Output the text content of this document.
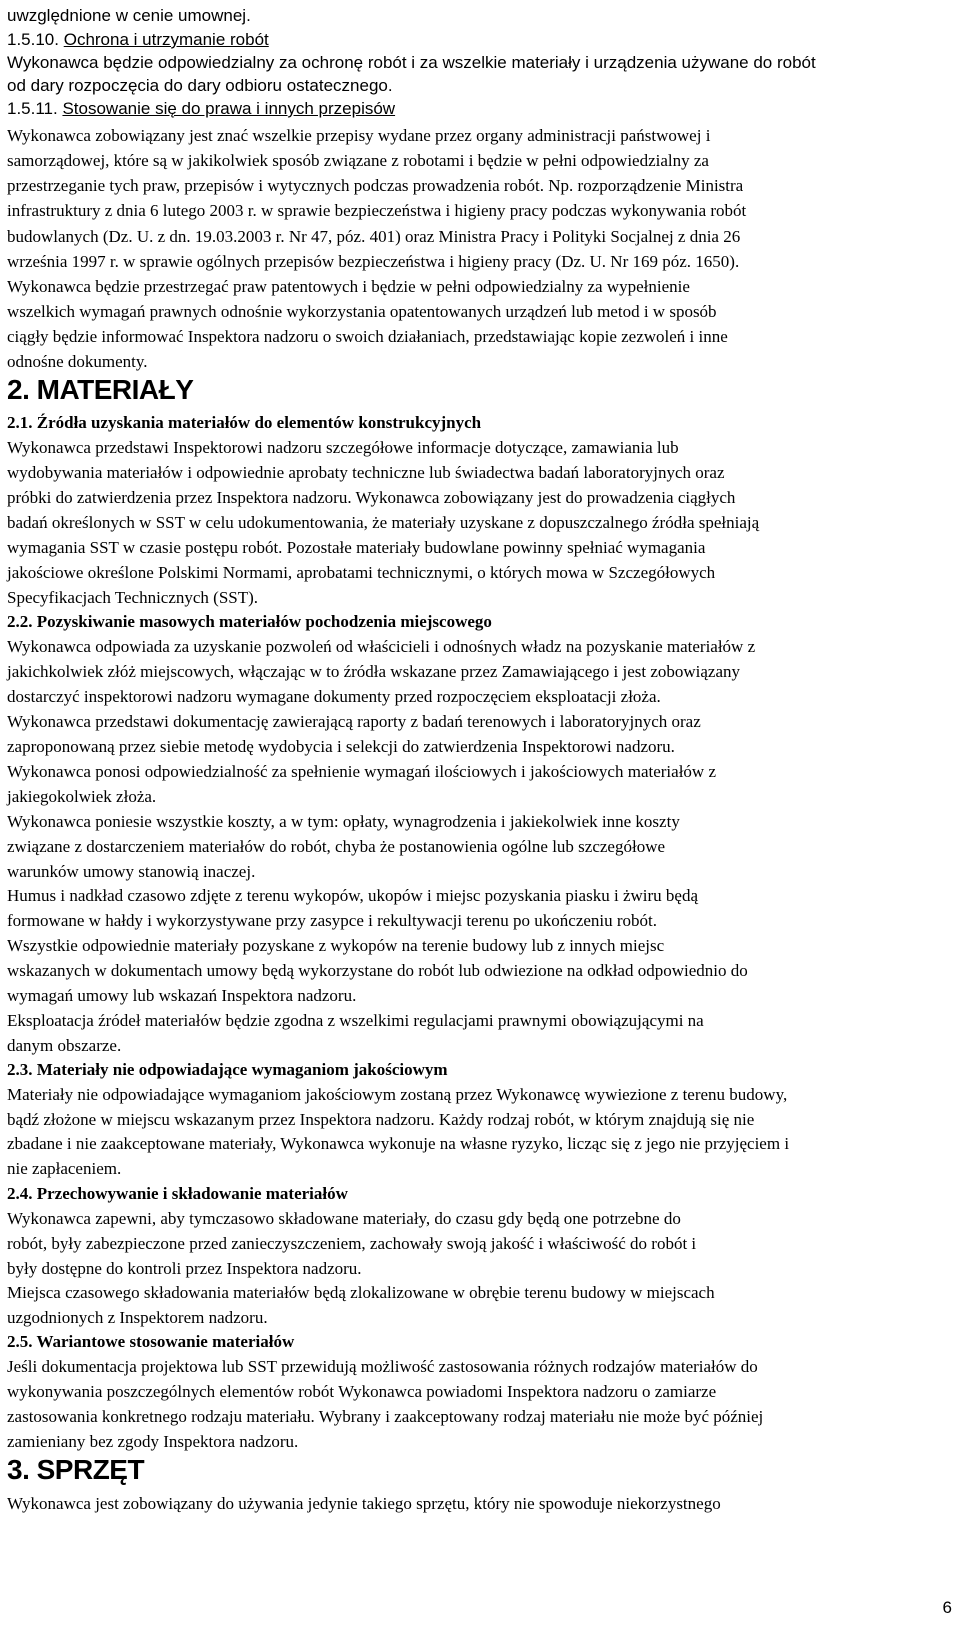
uwzględnione w cenie umownej.
1.5.10. Ochrona i utrzymanie robót
Wykonawca będzie odpowiedzialny za ochronę robót i za wszelkie materiały i urządzenia używane do robót
od dary rozpoczęcia do dary odbioru ostatecznego.
1.5.11. Stosowanie się do prawa i innych przepisów
Wykonawca zobowiązany jest znać wszelkie przepisy wydane przez organy administracji państwowej i
samorządowej, które są w jakikolwiek sposób związane z robotami i będzie w pełni odpowiedzialny za
przestrzeganie tych praw, przepisów i wytycznych podczas prowadzenia robót. Np. rozporządzenie Ministra
infrastruktury z dnia 6 lutego 2003 r. w sprawie bezpieczeństwa i higieny pracy podczas wykonywania robót
budowlanych (Dz. U. z dn. 19.03.2003 r. Nr 47, póz. 401) oraz Ministra Pracy i Polityki Socjalnej z dnia 26
września 1997 r. w sprawie ogólnych przepisów bezpieczeństwa i higieny pracy (Dz. U. Nr 169 póz. 1650).
Wykonawca będzie przestrzegać praw patentowych i będzie w pełni odpowiedzialny za wypełnienie
wszelkich wymagań prawnych odnośnie wykorzystania opatentowanych urządzeń lub metod i w sposób
ciągły będzie informować Inspektora nadzoru o swoich działaniach, przedstawiając kopie zezwoleń i inne
odnośne dokumenty.
2. MATERIAŁY
2.1. Źródła uzyskania materiałów do elementów konstrukcyjnych
Wykonawca przedstawi Inspektorowi nadzoru szczegółowe informacje dotyczące, zamawiania lub
wydobywania materiałów i odpowiednie aprobaty techniczne lub świadectwa badań laboratoryjnych oraz
próbki do zatwierdzenia przez Inspektora nadzoru. Wykonawca zobowiązany jest do prowadzenia ciągłych
badań określonych w SST w celu udokumentowania, że materiały uzyskane z dopuszczalnego źródła spełniają
wymagania SST w czasie postępu robót. Pozostałe materiały budowlane powinny spełniać wymagania
jakościowe określone Polskimi Normami, aprobatami technicznymi, o których mowa w Szczegółowych
Specyfikacjach Technicznych (SST).
2.2. Pozyskiwanie masowych materiałów pochodzenia miejscowego
Wykonawca odpowiada za uzyskanie pozwoleń od właścicieli i odnośnych władz na pozyskanie materiałów z
jakichkolwiek złóż miejscowych, włączając w to źródła wskazane przez Zamawiającego i jest zobowiązany
dostarczyć inspektorowi nadzoru wymagane dokumenty przed rozpoczęciem eksploatacji złoża.
Wykonawca przedstawi dokumentację zawierającą raporty z badań terenowych i laboratoryjnych oraz
zaproponowaną przez siebie metodę wydobycia i selekcji do zatwierdzenia Inspektorowi nadzoru.
Wykonawca ponosi odpowiedzialność za spełnienie wymagań ilościowych i jakościowych materiałów z
jakiegokolwiek złoża.
Wykonawca poniesie wszystkie koszty, a w tym: opłaty, wynagrodzenia i jakiekolwiek inne koszty
związane z dostarczeniem materiałów do robót, chyba że postanowienia ogólne lub szczegółowe
warunków umowy stanowią inaczej.
Humus i nadkład czasowo zdjęte z terenu wykopów, ukopów i miejsc pozyskania piasku i żwiru będą
formowane w hałdy i wykorzystywane przy zasypce i rekultywacji terenu po ukończeniu robót.
Wszystkie odpowiednie materiały pozyskane z wykopów na terenie budowy lub z innych miejsc
wskazanych w dokumentach umowy będą wykorzystane do robót lub odwiezione na odkład odpowiednio do
wymagań umowy lub wskazań Inspektora nadzoru.
Eksploatacja źródeł materiałów będzie zgodna z wszelkimi regulacjami prawnymi obowiązującymi na
danym obszarze.
2.3. Materiały nie odpowiadające wymaganiom jakościowym
Materiały nie odpowiadające wymaganiom jakościowym zostaną przez Wykonawcę wywiezione z terenu budowy,
bądź złożone w miejscu wskazanym przez Inspektora nadzoru. Każdy rodzaj robót, w którym znajdują się nie
zbadane i nie zaakceptowane materiały, Wykonawca wykonuje na własne ryzyko, licząc się z jego nie przyjęciem i
nie zapłaceniem.
2.4. Przechowywanie i składowanie materiałów
Wykonawca zapewni, aby tymczasowo składowane materiały, do czasu gdy będą one potrzebne do
robót, były zabezpieczone przed zanieczyszczeniem, zachowały swoją jakość i właściwość do robót i
były dostępne do kontroli przez Inspektora nadzoru.
Miejsca czasowego składowania materiałów będą zlokalizowane w obrębie terenu budowy w miejscach
uzgodnionych z Inspektorem nadzoru.
2.5. Wariantowe stosowanie materiałów
Jeśli dokumentacja projektowa lub SST przewidują możliwość zastosowania różnych rodzajów materiałów do
wykonywania poszczególnych elementów robót Wykonawca powiadomi Inspektora nadzoru o zamiarze
zastosowania konkretnego rodzaju materiału. Wybrany i zaakceptowany rodzaj materiału nie może być później
zamieniany bez zgody Inspektora nadzoru.
3. SPRZĘT
Wykonawca jest zobowiązany do używania jedynie takiego sprzętu, który nie spowoduje niekorzystnego
6
